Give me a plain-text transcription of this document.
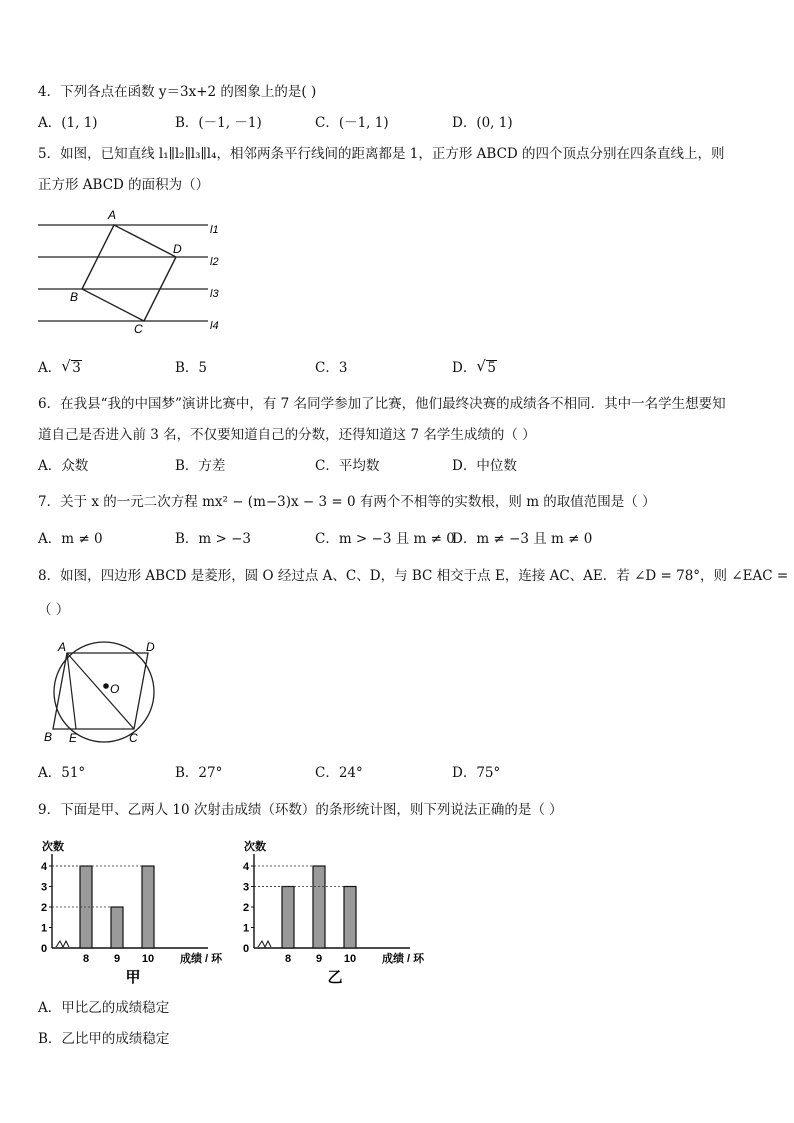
4．下列各点在函数 y＝3x+2 的图象上的是( )
A．(1, 1)	B．(－1, －1)	C．(－1, 1)	D．(0, 1)
5．如图，已知直线 l₁∥l₂∥l₃∥l₄，相邻两条平行线间的距离都是 1，正方形 ABCD 的四个顶点分别在四条直线上，则
正方形 ABCD 的面积为（）
A
D
B
C
l1
l2
l3
l4
A． √ 3	B．5	C．3	D． √ 5
6．在我县“我的中国梦”演讲比赛中，有 7 名同学参加了比赛，他们最终决赛的成绩各不相同．其中一名学生想要知
道自己是否进入前 3 名，不仅要知道自己的分数，还得知道这 7 名学生成绩的（ ）
A．众数	B．方差	C．平均数	D．中位数
7．关于 x 的一元二次方程 mx² − (m−3)x − 3 = 0 有两个不相等的实数根，则 m 的取值范围是（ ）
A．m ≠ 0	B．m > −3	C．m > −3 且 m ≠ 0
D．m ≠ −3 且 m ≠ 0
8．如图，四边形 ABCD 是菱形，圆 O 经过点 A、C、D，与 BC 相交于点 E，连接 AC、AE．若 ∠D = 78°，则 ∠EAC =
（ ）
A	D
B E	C
O
A．51°	B．27°	C．24°	D．75°
9．下面是甲、乙两人 10 次射击成绩（环数）的条形统计图，则下列说法正确的是（ ）
次数
0
1
2
3
4
8 9 10 成绩 / 环
甲
次数
0
1
2
3
4
8 9 10 成绩 / 环
乙
A．甲比乙的成绩稳定
B．乙比甲的成绩稳定
